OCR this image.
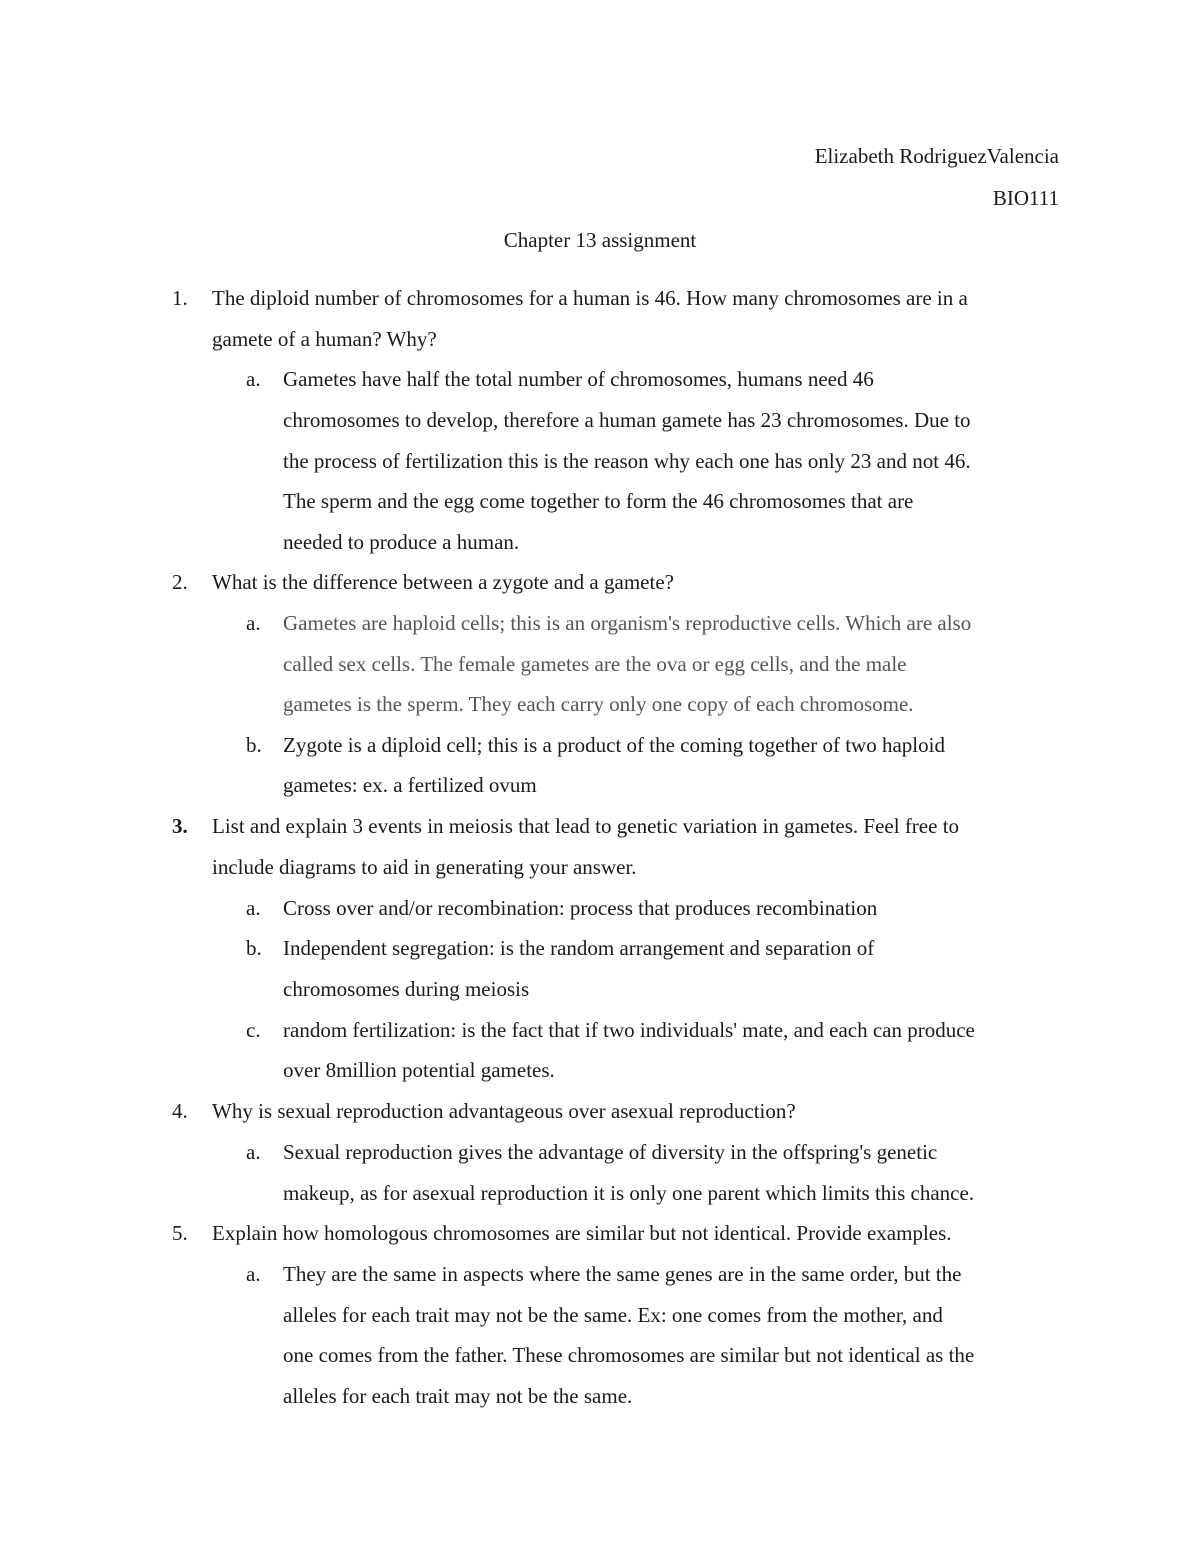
Elizabeth RodriguezValencia
BIO111
Chapter 13 assignment
1. The diploid number of chromosomes for a human is 46. How many chromosomes are in a
gamete of a human? Why?
a. Gametes have half the total number of chromosomes, humans need 46
chromosomes to develop, therefore a human gamete has 23 chromosomes. Due to
the process of fertilization this is the reason why each one has only 23 and not 46.
The sperm and the egg come together to form the 46 chromosomes that are
needed to produce a human.
2. What is the difference between a zygote and a gamete?
a. Gametes are haploid cells; this is an organism's reproductive cells. Which are also
called sex cells. The female gametes are the ova or egg cells, and the male
gametes is the sperm. They each carry only one copy of each chromosome.
b. Zygote is a diploid cell; this is a product of the coming together of two haploid
gametes: ex. a fertilized ovum
3. List and explain 3 events in meiosis that lead to genetic variation in gametes. Feel free to
include diagrams to aid in generating your answer.
a. Cross over and/or recombination: process that produces recombination
b. Independent segregation: is the random arrangement and separation of
chromosomes during meiosis
c. random fertilization: is the fact that if two individuals' mate, and each can produce
over 8million potential gametes.
4. Why is sexual reproduction advantageous over asexual reproduction?
a. Sexual reproduction gives the advantage of diversity in the offspring's genetic
makeup, as for asexual reproduction it is only one parent which limits this chance.
5. Explain how homologous chromosomes are similar but not identical. Provide examples.
a. They are the same in aspects where the same genes are in the same order, but the
alleles for each trait may not be the same. Ex: one comes from the mother, and
one comes from the father. These chromosomes are similar but not identical as the
alleles for each trait may not be the same.
